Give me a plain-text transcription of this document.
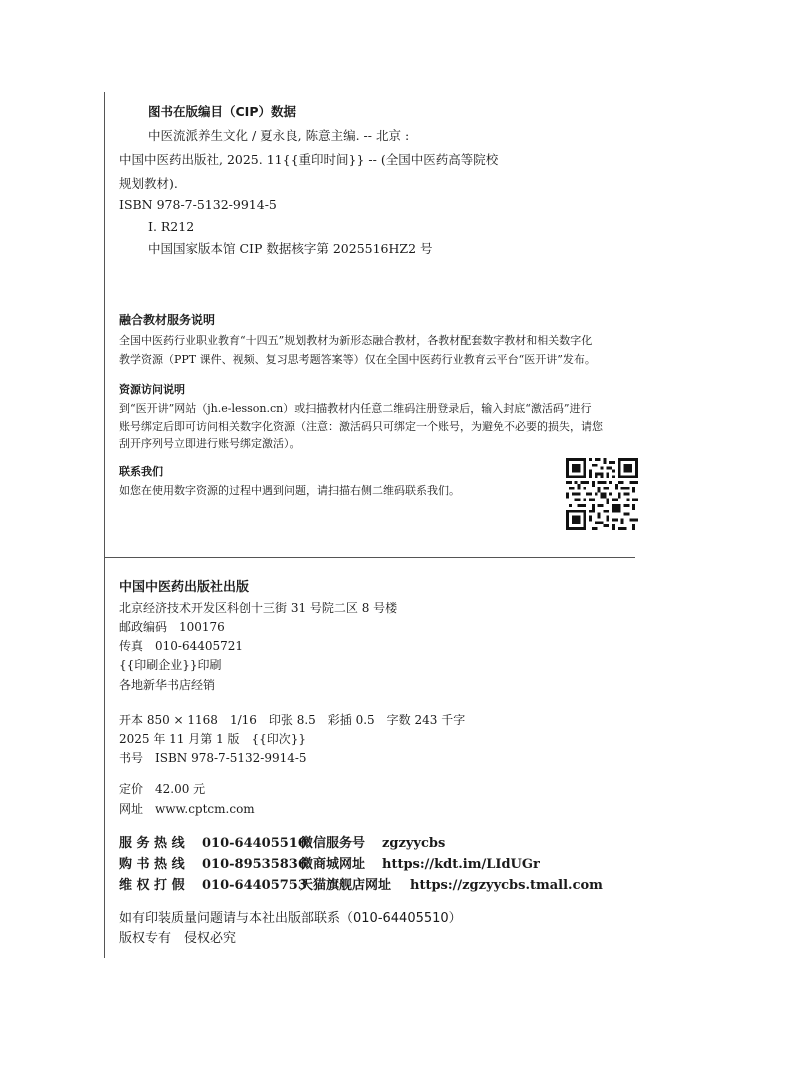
图书在版编目（CIP）数据
中医流派养生文化 / 夏永良, 陈意主编. -- 北京 :
中国中医药出版社, 2025. 11{{重印时间}} -- (全国中医药高等院校
规划教材).
ISBN 978-7-5132-9914-5
Ⅰ. R212
中国国家版本馆 CIP 数据核字第 2025516HZ2 号
融合教材服务说明
全国中医药行业职业教育“十四五”规划教材为新形态融合教材，各教材配套数字教材和相关数字化
教学资源（PPT 课件、视频、复习思考题答案等）仅在全国中医药行业教育云平台“医开讲”发布。
资源访问说明
到“医开讲”网站（jh.e-lesson.cn）或扫描教材内任意二维码注册登录后，输入封底“激活码”进行
账号绑定后即可访问相关数字化资源（注意：激活码只可绑定一个账号，为避免不必要的损失，请您
刮开序列号立即进行账号绑定激活）。
联系我们
如您在使用数字资源的过程中遇到问题，请扫描右侧二维码联系我们。
中国中医药出版社出版
北京经济技术开发区科创十三街 31 号院二区 8 号楼
邮政编码　100176
传真　010-64405721
{{印刷企业}}印刷
各地新华书店经销
开本 850 × 1168　1/16　印张 8.5　彩插 0.5　字数 243 千字
2025 年 11 月第 1 版　{{印次}}
书号　ISBN 978-7-5132-9914-5
定价　42.00 元
网址　www.cptcm.com
服 务 热 线 010-64405510
微信服务号 zgzyycbs
购 书 热 线 010-89535836
微商城网址 https://kdt.im/LIdUGr
维 权 打 假 010-64405753
天猫旗舰店网址 https://zgzyycbs.tmall.com
如有印装质量问题请与本社出版部联系（010-64405510）
版权专有　侵权必究
